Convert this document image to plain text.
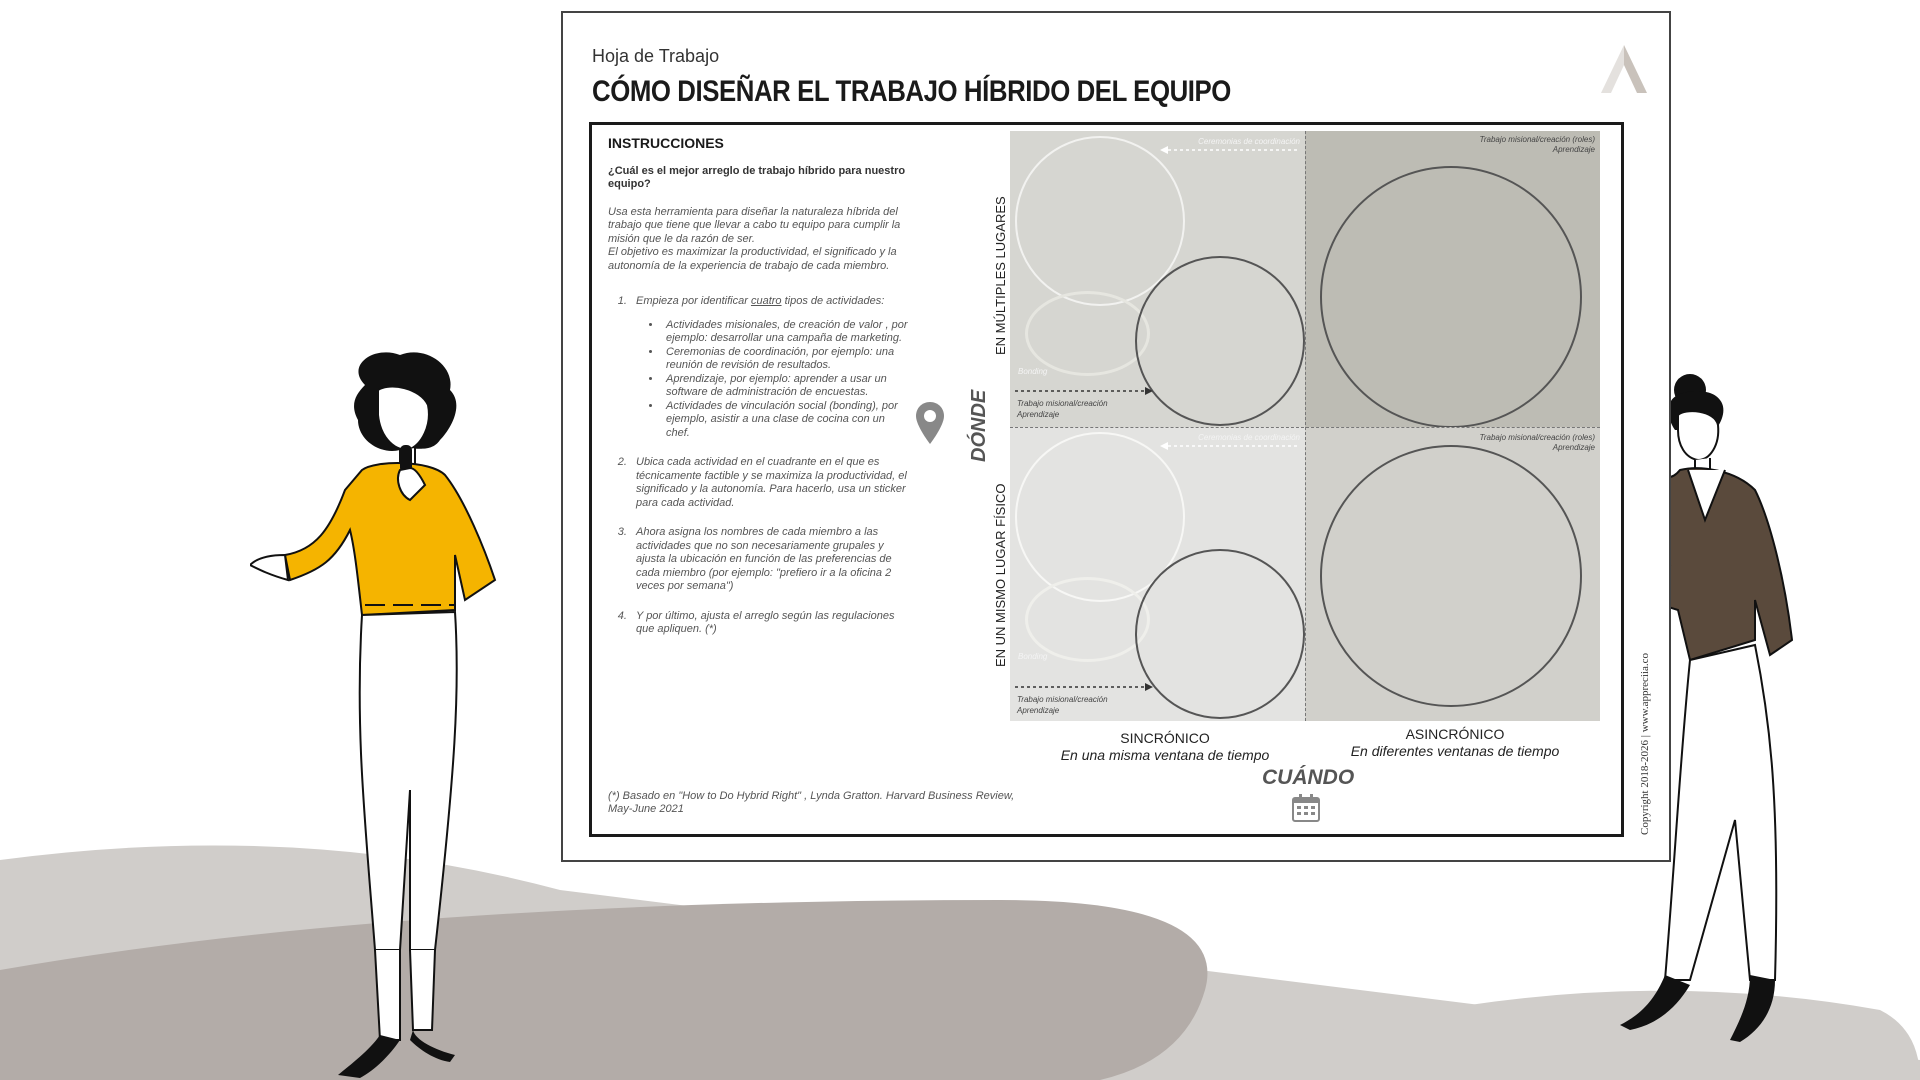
Hoja de Trabajo
CÓMO DISEÑAR EL TRABAJO HÍBRIDO DEL EQUIPO
INSTRUCCIONES
¿Cuál es el mejor arreglo de trabajo híbrido para nuestro equipo?

Usa esta herramienta para diseñar la naturaleza híbrida del trabajo que tiene que llevar a cabo tu equipo para cumplir la misión que le da razón de ser.

El objetivo es maximizar la productividad, el significado y la autonomía de la experiencia de trabajo de cada miembro.

1. Empieza por identificar cuatro tipos de actividades:
• Actividades misionales, de creación de valor , por ejemplo: desarrollar una campaña de marketing.
• Ceremonias de coordinación, por ejemplo: una reunión de revisión de resultados.
• Aprendizaje, por ejemplo: aprender a usar un software de administración de encuestas.
• Actividades de vinculación social (bonding), por ejemplo, asistir a una clase de cocina con un chef.
2. Ubica cada actividad en el cuadrante en el que es técnicamente factible y se maximiza la productividad, el significado y la autonomía. Para hacerlo, usa un sticker para cada actividad.
3. Ahora asigna los nombres de cada miembro a las actividades que no son necesariamente grupales y ajusta la ubicación en función de las preferencias de cada miembro (por ejemplo: "prefiero ir a la oficina 2 veces por semana")
4. Y por último, ajusta el arreglo según las regulaciones que apliquen. (*)
(*) Basado en "How to Do Hybrid Right" , Lynda Gratton. Harvard Business Review, May-June 2021
Ceremonias de coordinación
Bonding
Trabajo misional/creación
Aprendizaje
Trabajo misional/creación (roles)
Aprendizaje
Ceremonias de coordinación
Bonding
Trabajo misional/creación
Aprendizaje
Trabajo misional/creación (roles)
Aprendizaje
EN MÚLTIPLES LUGARES
EN UN MISMO LUGAR FÍSICO
DÓNDE
SINCRÓNICO
En una misma ventana de tiempo
ASINCRÓNICO
En diferentes ventanas de tiempo
CUÁNDO	Copyright 2018-2026 | www.appreciia.co
